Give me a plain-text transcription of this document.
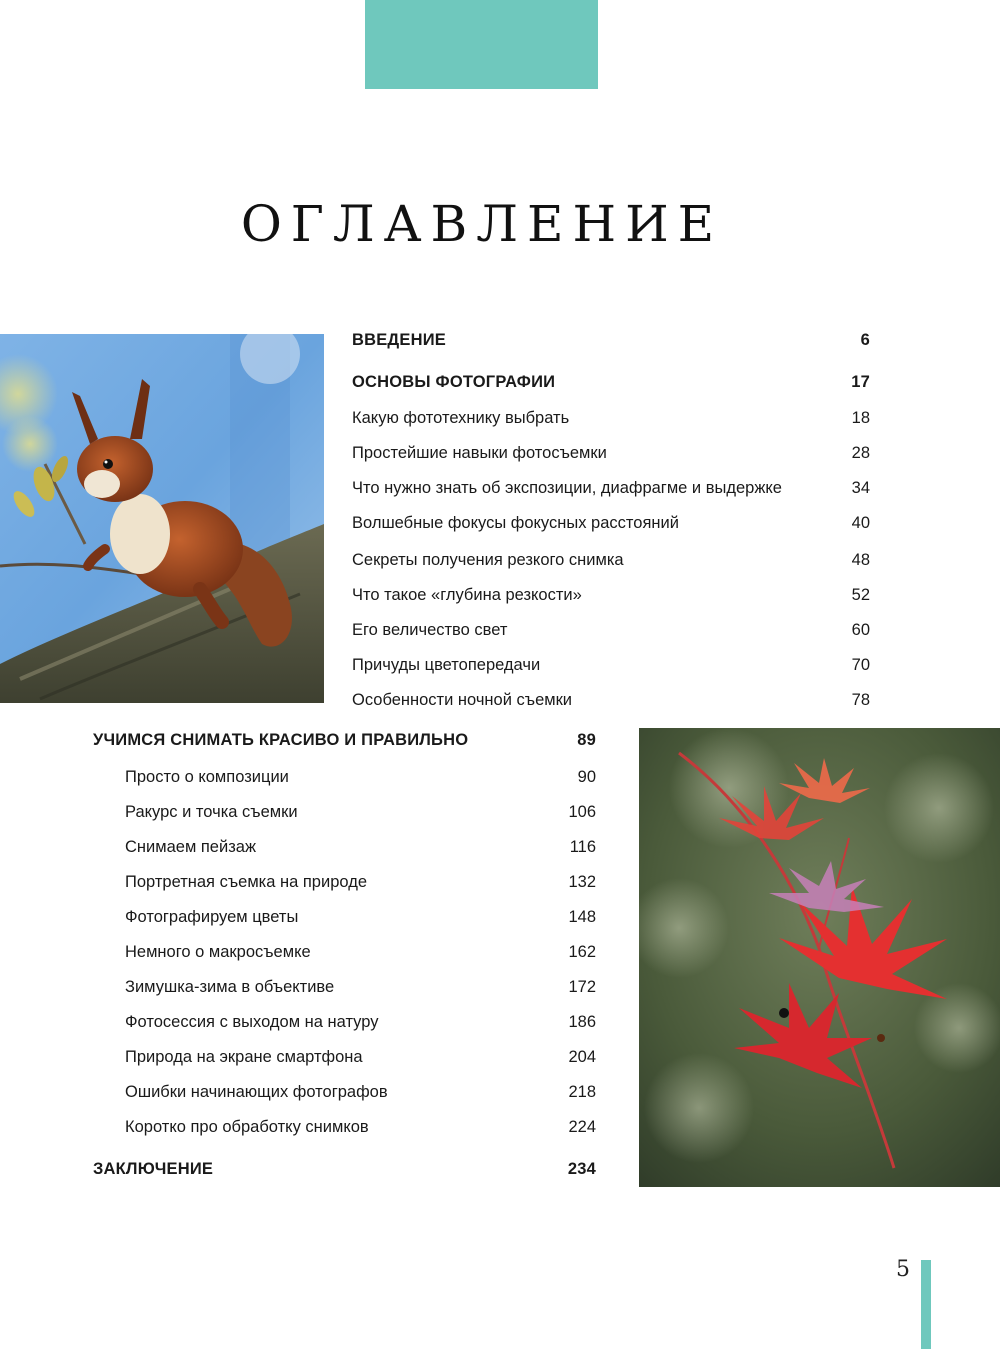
ОГЛАВЛЕНИЕ
ВВЕДЕНИЕ	6
ОСНОВЫ ФОТОГРАФИИ	17
Какую фототехнику выбрать	18
Простейшие навыки фотосъемки	28
Что нужно знать об экспозиции, диафрагме и выдержке	34
Волшебные фокусы фокусных расстояний	40
Секреты получения резкого снимка	48
Что такое «глубина резкости»	52
Его величество свет	60
Причуды цветопередачи	70
Особенности ночной съемки	78
УЧИМСЯ СНИМАТЬ КРАСИВО И ПРАВИЛЬНО	89
Просто о композиции	90
Ракурс и точка съемки	106
Снимаем пейзаж	116
Портретная съемка на природе	132
Фотографируем цветы	148
Немного о макросъемке	162
Зимушка-зима в объективе	172
Фотосессия с выходом на натуру	186
Природа на экране смартфона	204
Ошибки начинающих фотографов	218
Коротко про обработку снимков	224
ЗАКЛЮЧЕНИЕ	234
5
